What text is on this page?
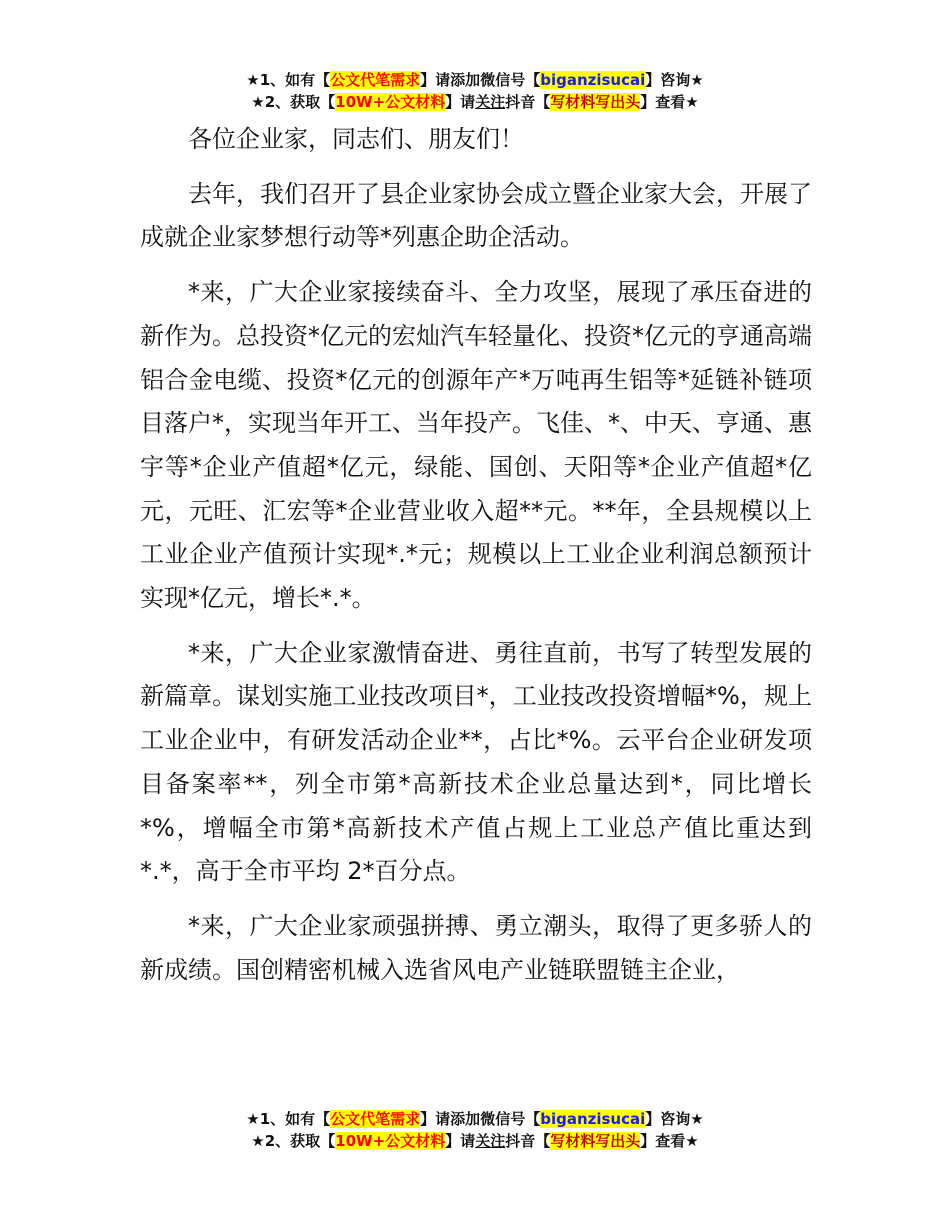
★1、如有【公文代笔需求】请添加微信号【biganzisucai】咨询★
★2、获取【10W+公文材料】请关注抖音【写材料写出头】查看★

各位企业家，同志们、朋友们！

去年，我们召开了县企业家协会成立暨企业家大会，开展了成就企业家梦想行动等*列惠企助企活动。

*来，广大企业家接续奋斗、全力攻坚，展现了承压奋进的新作为。总投资*亿元的宏灿汽车轻量化、投资*亿元的亨通高端铝合金电缆、投资*亿元的创源年产*万吨再生铝等*延链补链项目落户*，实现当年开工、当年投产。飞佳、*、中天、亨通、惠宇等*企业产值超*亿元，绿能、国创、天阳等*企业产值超*亿元，元旺、汇宏等*企业营业收入超**元。**年，全县规模以上工业企业产值预计实现*.*元；规模以上工业企业利润总额预计实现*亿元，增长*.*。

*来，广大企业家激情奋进、勇往直前，书写了转型发展的新篇章。谋划实施工业技改项目*，工业技改投资增幅*%，规上工业企业中，有研发活动企业**，占比*%。云平台企业研发项目备案率**，列全市第*高新技术企业总量达到*，同比增长*%，增幅全市第*高新技术产值占规上工业总产值比重达到*.*，高于全市平均 2*百分点。

*来，广大企业家顽强拼搏、勇立潮头，取得了更多骄人的新成绩。国创精密机械入选省风电产业链联盟链主企业，

★1、如有【公文代笔需求】请添加微信号【biganzisucai】咨询★
★2、获取【10W+公文材料】请关注抖音【写材料写出头】查看★
